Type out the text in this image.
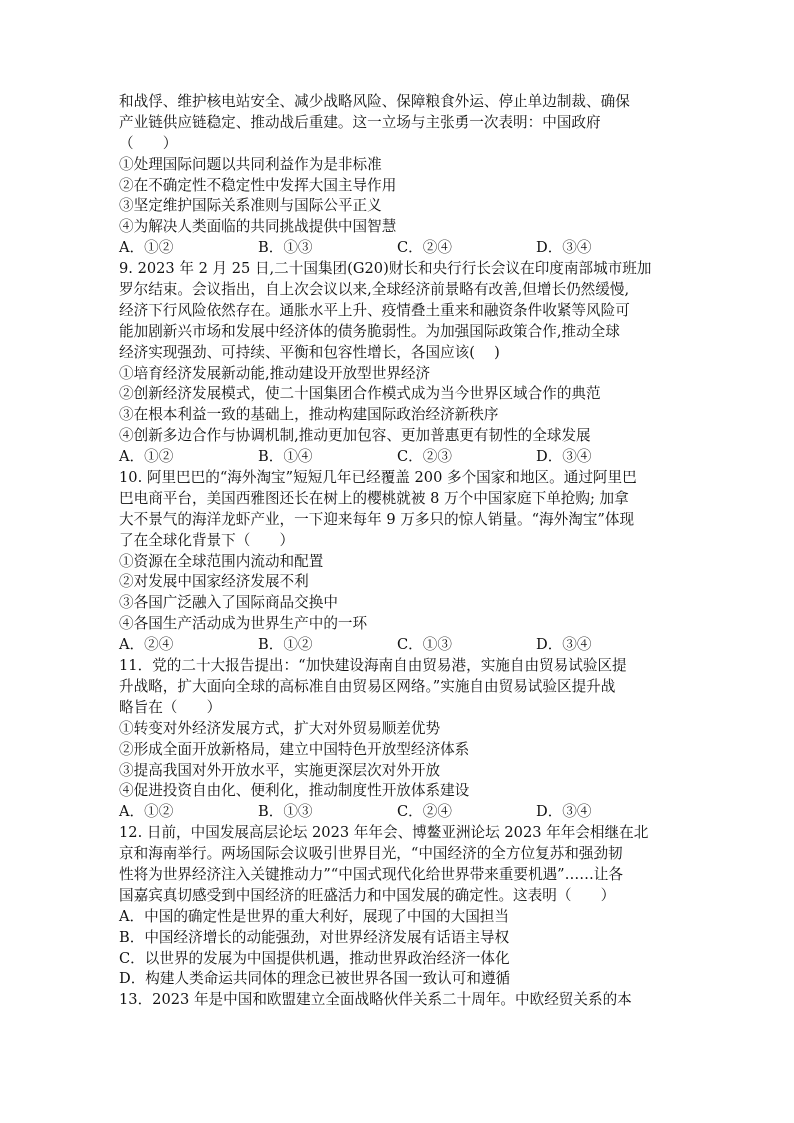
和战俘、维护核电站安全、减少战略风险、保障粮食外运、停止单边制裁、确保
产业链供应链稳定、推动战后重建。这一立场与主张勇一次表明：中国政府
（　　）
①处理国际问题以共同利益作为是非标准
②在不确定性不稳定性中发挥大国主导作用
③坚定维护国际关系准则与国际公平正义
④为解决人类面临的共同挑战提供中国智慧
A．①②	B．①③	C．②④	D．③④
9. 2023 年 2 月 25 日,二十国集团(G20)财长和央行行长会议在印度南部城市班加
罗尔结束。会议指出，自上次会议以来,全球经济前景略有改善,但增长仍然缓慢,
经济下行风险依然存在。通胀水平上升、疫情叠土重来和融资条件收紧等风险可
能加剧新兴市场和发展中经济体的债务脆弱性。为加强国际政策合作,推动全球
经济实现强劲、可持续、平衡和包容性增长，各国应该(　 )
①培育经济发展新动能,推动建设开放型世界经济
②创新经济发展模式，使二十国集团合作模式成为当今世界区域合作的典范
③在根本利益一致的基础上，推动构建国际政治经济新秩序
④创新多边合作与协调机制,推动更加包容、更加普惠更有韧性的全球发展
A．①②	B．①④	C．②③	D．③④
10. 阿里巴巴的“海外淘宝”短短几年已经覆盖 200 多个国家和地区。通过阿里巴
巴电商平台，美国西雅图还长在树上的樱桃就被 8 万个中国家庭下单抢购; 加拿
大不景气的海洋龙虾产业，一下迎来每年 9 万多只的惊人销量。“海外淘宝”体现
了在全球化背景下（　　）
①资源在全球范围内流动和配置
②对发展中国家经济发展不利
③各国广泛融入了国际商品交换中
④各国生产活动成为世界生产中的一环
A．②④	B．①②	C．①③	D．③④
11．党的二十大报告提出：“加快建设海南自由贸易港，实施自由贸易试验区提
升战略，扩大面向全球的高标准自由贸易区网络。”实施自由贸易试验区提升战
略旨在（　　）
①转变对外经济发展方式，扩大对外贸易顺差优势
②形成全面开放新格局，建立中国特色开放型经济体系
③提高我国对外开放水平，实施更深层次对外开放
④促进投资自由化、便利化，推动制度性开放体系建设
A．①②	B．①③	C．②④	D．③④
12. 日前，中国发展高层论坛 2023 年年会、博鳌亚洲论坛 2023 年年会相继在北
京和海南举行。两场国际会议吸引世界目光，“中国经济的全方位复苏和强劲韧
性将为世界经济注入关键推动力”“中国式现代化给世界带来重要机遇”……让各
国嘉宾真切感受到中国经济的旺盛活力和中国发展的确定性。这表明（　　）
A．中国的确定性是世界的重大利好，展现了中国的大国担当
B．中国经济增长的动能强劲，对世界经济发展有话语主导权
C．以世界的发展为中国提供机遇，推动世界政治经济一体化
D．构建人类命运共同体的理念已被世界各国一致认可和遵循
13．2023 年是中国和欧盟建立全面战略伙伴关系二十周年。中欧经贸关系的本
